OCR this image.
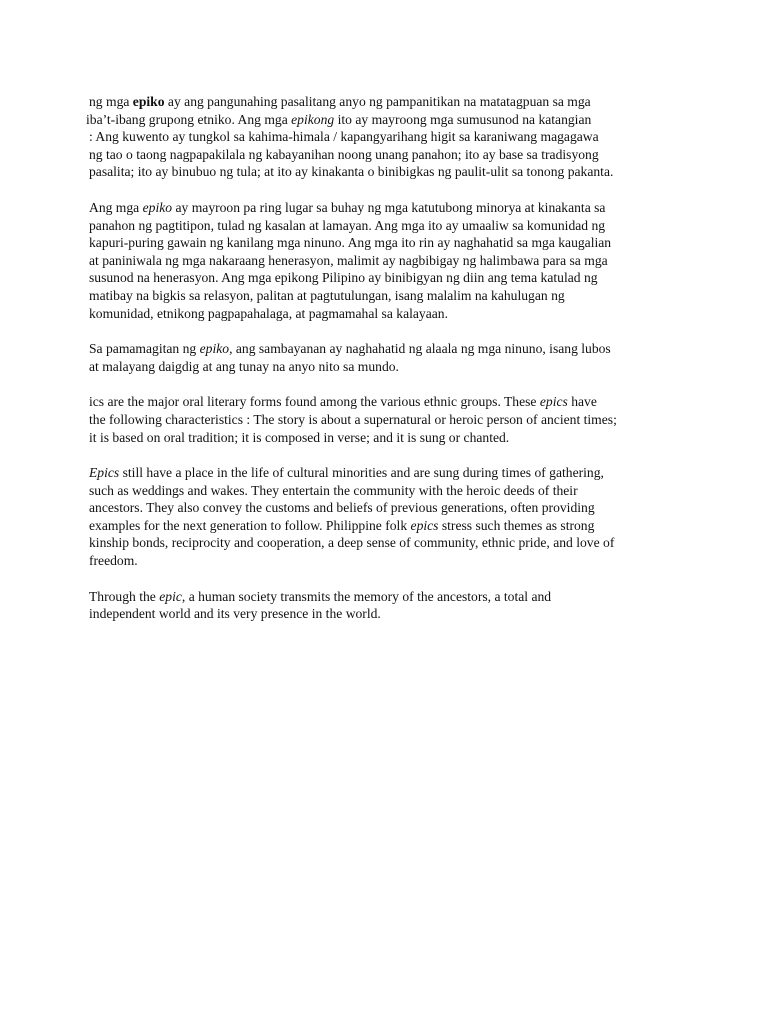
ng mga epiko ay ang pangunahing pasalitang anyo ng pampanitikan na matatagpuan sa mga
iba’t-ibang grupong etniko. Ang mga epikong ito ay mayroong mga sumusunod na katangian
: Ang kuwento ay tungkol sa kahima-himala / kapangyarihang higit sa karaniwang magagawa
ng tao o taong nagpapakilala ng kabayanihan noong unang panahon; ito ay base sa tradisyong
pasalita; ito ay binubuo ng tula; at ito ay kinakanta o binibigkas ng paulit-ulit sa tonong pakanta.
Ang mga epiko ay mayroon pa ring lugar sa buhay ng mga katutubong minorya at kinakanta sa
panahon ng pagtitipon, tulad ng kasalan at lamayan. Ang mga ito ay umaaliw sa komunidad ng
kapuri-puring gawain ng kanilang mga ninuno. Ang mga ito rin ay naghahatid sa mga kaugalian
at paniniwala ng mga nakaraang henerasyon, malimit ay nagbibigay ng halimbawa para sa mga
susunod na henerasyon. Ang mga epikong Pilipino ay binibigyan ng diin ang tema katulad ng
matibay na bigkis sa relasyon, palitan at pagtutulungan, isang malalim na kahulugan ng
komunidad, etnikong pagpapahalaga, at pagmamahal sa kalayaan.
Sa pamamagitan ng epiko, ang sambayanan ay naghahatid ng alaala ng mga ninuno, isang lubos
at malayang daigdig at ang tunay na anyo nito sa mundo.
ics are the major oral literary forms found among the various ethnic groups. These epics have
the following characteristics : The story is about a supernatural or heroic person of ancient times;
it is based on oral tradition; it is composed in verse; and it is sung or chanted.
Epics still have a place in the life of cultural minorities and are sung during times of gathering,
such as weddings and wakes. They entertain the community with the heroic deeds of their
ancestors. They also convey the customs and beliefs of previous generations, often providing
examples for the next generation to follow. Philippine folk epics stress such themes as strong
kinship bonds, reciprocity and cooperation, a deep sense of community, ethnic pride, and love of
freedom.
Through the epic, a human society transmits the memory of the ancestors, a total and
independent world and its very presence in the world.
